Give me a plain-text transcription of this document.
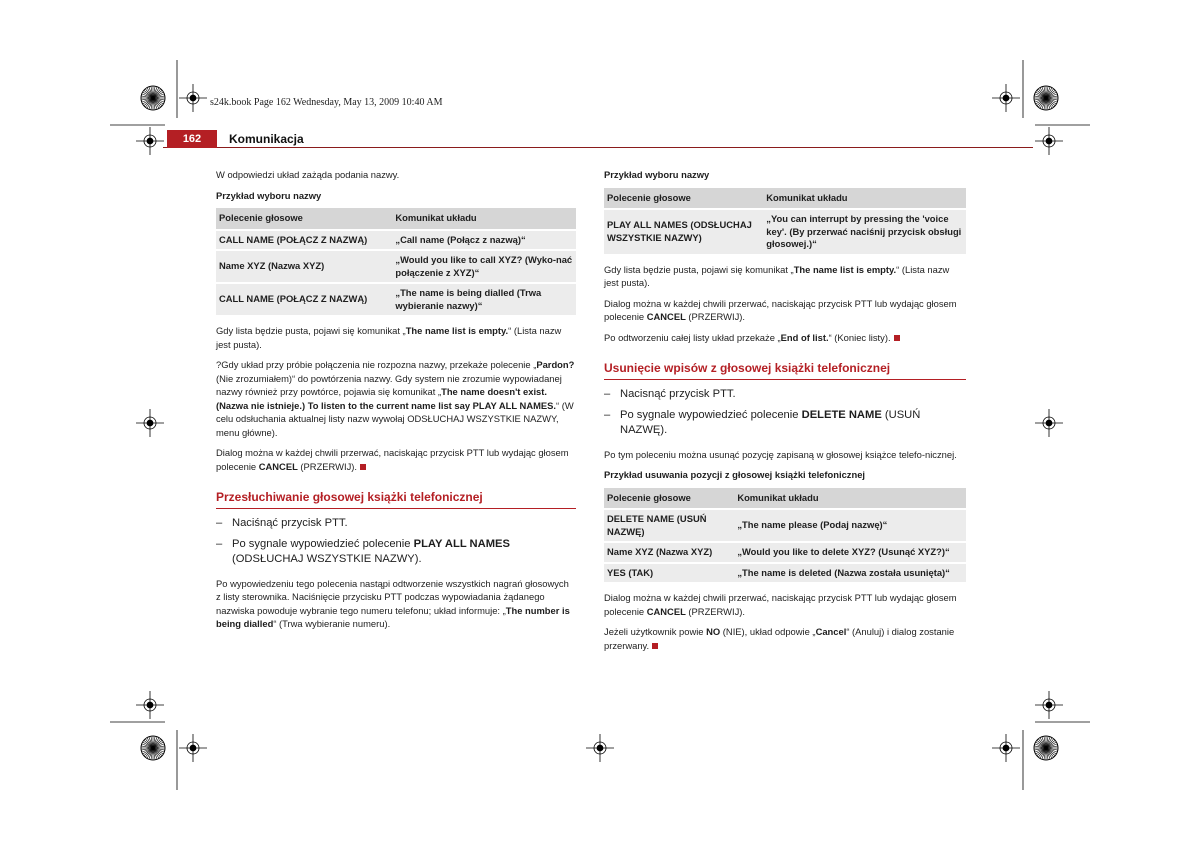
s24k.book Page 162 Wednesday, May 13, 2009 10:40 AM
162	Komunikacja

W odpowiedzi układ zażąda podania nazwy.

Przykład wyboru nazwy

Polecenie głosowe	Komunikat układu
CALL NAME (POŁĄCZ Z NAZWĄ)	„Call name (Połącz z nazwą)“
Name XYZ (Nazwa XYZ)	„Would you like to call XYZ? (Wyko-nać połączenie z XYZ)“
CALL NAME (POŁĄCZ Z NAZWĄ)	„The name is being dialled (Trwa wybieranie nazwy)“

Gdy lista będzie pusta, pojawi się komunikat „The name list is empty.“ (Lista nazw jest pusta).

?Gdy układ przy próbie połączenia nie rozpozna nazwy, przekaże polecenie „Pardon? (Nie zrozumiałem)“ do powtórzenia nazwy. Gdy system nie zrozumie wypowiadanej nazwy również przy powtórce, pojawia się komunikat „The name doesn't exist. (Nazwa nie istnieje.) To listen to the current name list say PLAY ALL NAMES.“ (W celu odsłuchania aktualnej listy nazw wywołaj ODSŁUCHAJ WSZYSTKIE NAZWY, menu główne).

Dialog można w każdej chwili przerwać, naciskając przycisk PTT lub wydając głosem polecenie CANCEL (PRZERWIJ).

Przesłuchiwanie głosowej książki telefonicznej
– Naciśnąć przycisk PTT.
– Po sygnale wypowiedzieć polecenie PLAY ALL NAMES (ODSŁUCHAJ WSZYSTKIE NAZWY).

Po wypowiedzeniu tego polecenia nastąpi odtworzenie wszystkich nagrań głosowych z listy sterownika. Naciśnięcie przycisku PTT podczas wypowiadania żądanego nazwiska powoduje wybranie tego numeru telefonu; układ informuje: „The number is being dialled“ (Trwa wybieranie numeru).

Przykład wyboru nazwy

Polecenie głosowe	Komunikat układu
PLAY ALL NAMES (ODSŁUCHAJ WSZYSTKIE NAZWY)	„You can interrupt by pressing the 'voice key'. (By przerwać naciśnij przycisk obsługi głosowej.)“

Gdy lista będzie pusta, pojawi się komunikat „The name list is empty.“ (Lista nazw jest pusta).

Dialog można w każdej chwili przerwać, naciskając przycisk PTT lub wydając głosem polecenie CANCEL (PRZERWIJ).

Po odtworzeniu całej listy układ przekaże „End of list.“ (Koniec listy).

Usunięcie wpisów z głosowej książki telefonicznej
– Nacisnąć przycisk PTT.
– Po sygnale wypowiedzieć polecenie DELETE NAME (USUŃ NAZWĘ).

Po tym poleceniu można usunąć pozycję zapisaną w głosowej książce telefo-nicznej.

Przykład usuwania pozycji z głosowej książki telefonicznej

Polecenie głosowe	Komunikat układu
DELETE NAME (USUŃ NAZWĘ)	„The name please (Podaj nazwę)“
Name XYZ (Nazwa XYZ)	„Would you like to delete XYZ? (Usunąć XYZ?)“
YES (TAK)	„The name is deleted (Nazwa została usunięta)“

Dialog można w każdej chwili przerwać, naciskając przycisk PTT lub wydając głosem polecenie CANCEL (PRZERWIJ).

Jeżeli użytkownik powie NO (NIE), układ odpowie „Cancel“ (Anuluj) i dialog zostanie przerwany.
